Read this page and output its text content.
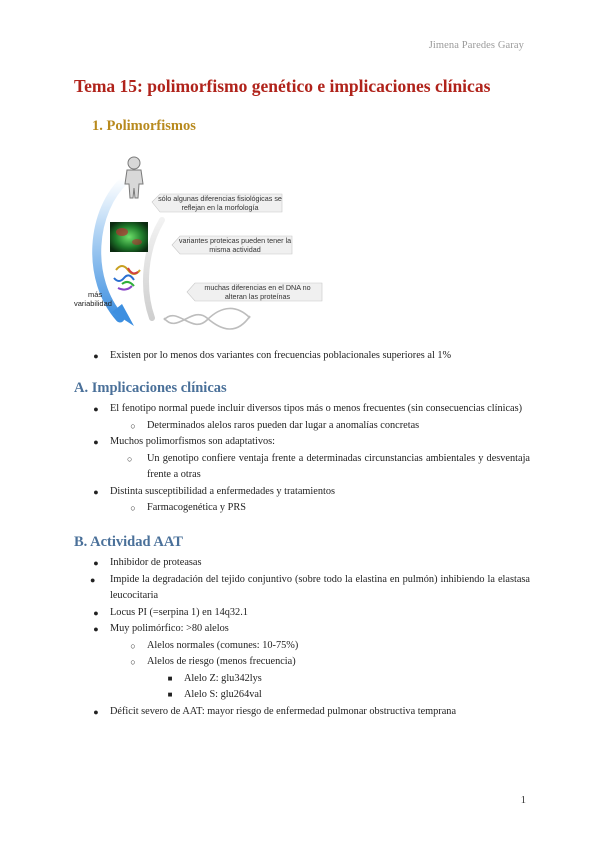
Jimena Paredes Garay
Tema 15: polimorfismo genético e implicaciones clínicas
1. Polimorfismos
sólo algunas diferencias fisiológicas se reflejan en la morfología
variantes proteicas pueden tener la misma actividad
muchas diferencias en el DNA no alteran las proteínas
más
variabilidad
●	Existen por lo menos dos variantes con frecuencias poblacionales superiores al 1%
A. Implicaciones clínicas
●	El fenotipo normal puede incluir diversos tipos más o menos frecuentes (sin consecuencias clínicas)
○	Determinados alelos raros pueden dar lugar a anomalías concretas
●	Muchos polimorfismos son adaptativos:
○	Un genotipo confiere ventaja frente a determinadas circunstancias ambientales y desventaja frente a otras
●	Distinta susceptibilidad a enfermedades y tratamientos
○	Farmacogenética y PRS
B. Actividad AAT
●	Inhibidor de proteasas
●	Impide la degradación del tejido conjuntivo (sobre todo la elastina en pulmón) inhibiendo la elastasa leucocitaria
●	Locus PI (=serpina 1) en 14q32.1
●	Muy polimórfico: >80 alelos
○	Alelos normales (comunes: 10-75%)
○	Alelos de riesgo (menos frecuencia)
■	Alelo Z: glu342lys
■	Alelo S: glu264val
●	Déficit severo de AAT: mayor riesgo de enfermedad pulmonar obstructiva temprana
1
